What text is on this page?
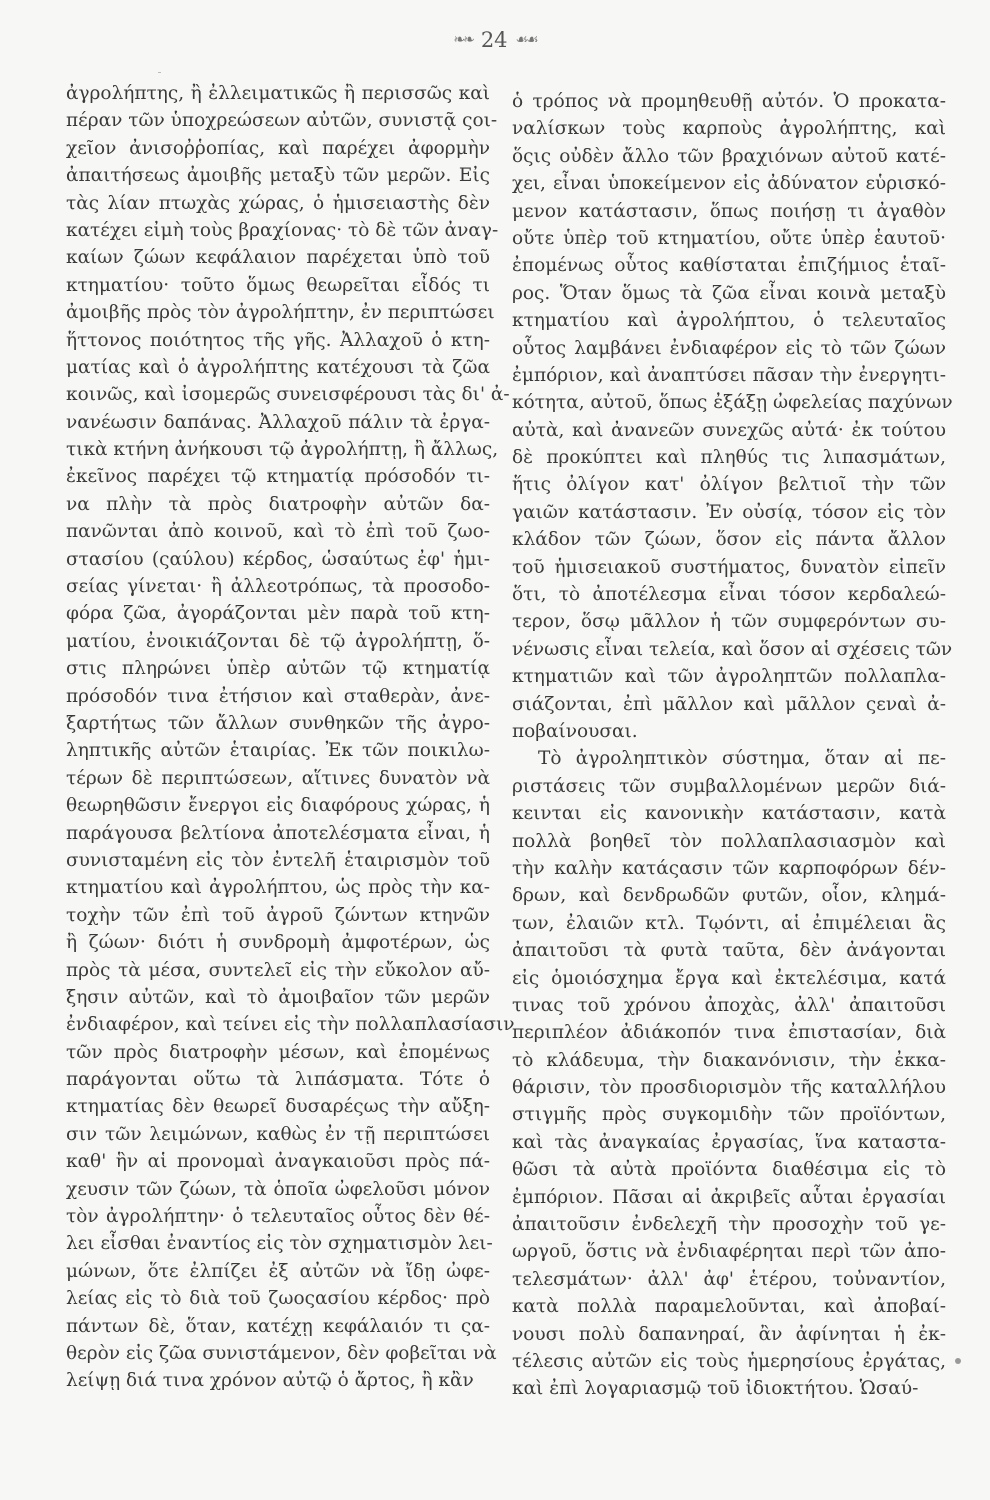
❧❧ 24 ☙☙
ἀγρολήπτης, ἢ ἐλλειματικῶς ἢ περισσῶς καὶ
πέραν τῶν ὑποχρεώσεων αὐτῶν, συνιστᾷ ςοι-
χεῖον ἀνισοῤῥοπίας, καὶ παρέχει ἀφορμὴν
ἀπαιτήσεως ἀμοιβῆς μεταξὺ τῶν μερῶν. Εἰς
τὰς λίαν πτωχὰς χώρας, ὁ ἡμισειαστὴς δὲν
κατέχει εἰμὴ τοὺς βραχίονας· τὸ δὲ τῶν ἀναγ-
καίων ζώων κεφάλαιον παρέχεται ὑπὸ τοῦ
κτηματίου· τοῦτο ὅμως θεωρεῖται εἶδός τι
ἀμοιβῆς πρὸς τὸν ἀγρολήπτην, ἐν περιπτώσει
ἥττονος ποιότητος τῆς γῆς. Ἀλλαχοῦ ὁ κτη-
ματίας καὶ ὁ ἀγρολήπτης κατέχουσι τὰ ζῶα
κοινῶς, καὶ ἰσομερῶς συνεισφέρουσι τὰς δι' ἀ-
νανέωσιν δαπάνας. Ἀλλαχοῦ πάλιν τὰ ἐργα-
τικὰ κτήνη ἀνήκουσι τῷ ἀγρολήπτῃ, ἢ ἄλλως,
ἐκεῖνος παρέχει τῷ κτηματίᾳ πρόσοδόν τι-
να πλὴν τὰ πρὸς διατροφὴν αὐτῶν δα-
πανῶνται ἀπὸ κοινοῦ, καὶ τὸ ἐπὶ τοῦ ζωο-
στασίου (ςαύλου) κέρδος, ὡσαύτως ἐφ' ἡμι-
σείας γίνεται· ἢ ἀλλεοτρόπως, τὰ προσοδο-
φόρα ζῶα, ἀγοράζονται μὲν παρὰ τοῦ κτη-
ματίου, ἐνοικιάζονται δὲ τῷ ἀγρολήπτῃ, ὅ-
στις πληρώνει ὑπὲρ αὐτῶν τῷ κτηματίᾳ
πρόσοδόν τινα ἐτήσιον καὶ σταθερὰν, ἀνε-
ξαρτήτως τῶν ἄλλων συνθηκῶν τῆς ἀγρο-
ληπτικῆς αὐτῶν ἑταιρίας. Ἐκ τῶν ποικιλω-
τέρων δὲ περιπτώσεων, αἵτινες δυνατὸν νὰ
θεωρηθῶσιν ἔνεργοι εἰς διαφόρους χώρας, ἡ
παράγουσα βελτίονα ἀποτελέσματα εἶναι, ἡ
συνισταμένη εἰς τὸν ἐντελῆ ἑταιρισμὸν τοῦ
κτηματίου καὶ ἀγρολήπτου, ὡς πρὸς τὴν κα-
τοχὴν τῶν ἐπὶ τοῦ ἀγροῦ ζώντων κτηνῶν
ἢ ζώων· διότι ἡ συνδρομὴ ἀμφοτέρων, ὡς
πρὸς τὰ μέσα, συντελεῖ εἰς τὴν εὔκολον αὔ-
ξησιν αὐτῶν, καὶ τὸ ἀμοιβαῖον τῶν μερῶν
ἐνδιαφέρον, καὶ τείνει εἰς τὴν πολλαπλασίασιν
τῶν πρὸς διατροφὴν μέσων, καὶ ἐπομένως
παράγονται οὕτω τὰ λιπάσματα. Τότε ὁ
κτηματίας δὲν θεωρεῖ δυσαρέςως τὴν αὔξη-
σιν τῶν λειμώνων, καθὼς ἐν τῇ περιπτώσει
καθ' ἣν αἱ προνομαὶ ἀναγκαιοῦσι πρὸς πά-
χευσιν τῶν ζώων, τὰ ὁποῖα ὠφελοῦσι μόνον
τὸν ἀγρολήπτην· ὁ τελευταῖος οὗτος δὲν θέ-
λει εἶσθαι ἐναντίος εἰς τὸν σχηματισμὸν λει-
μώνων, ὅτε ἐλπίζει ἐξ αὐτῶν νὰ ἴδῃ ὠφε-
λείας εἰς τὸ διὰ τοῦ ζωοςασίου κέρδος· πρὸ
πάντων δὲ, ὅταν, κατέχῃ κεφάλαιόν τι ςα-
θερὸν εἰς ζῶα συνιστάμενον, δὲν φοβεῖται νὰ
λείψῃ διά τινα χρόνον αὐτῷ ὁ ἄρτος, ἢ κἂν
ὁ τρόπος νὰ προμηθευθῇ αὐτόν. Ὁ προκατα-
ναλίσκων τοὺς καρποὺς ἀγρολήπτης, καὶ
ὅςις οὐδὲν ἄλλο τῶν βραχιόνων αὐτοῦ κατέ-
χει, εἶναι ὑποκείμενον εἰς ἀδύνατον εὑρισκό-
μενον κατάστασιν, ὅπως ποιήσῃ τι ἀγαθὸν
οὔτε ὑπὲρ τοῦ κτηματίου, οὔτε ὑπὲρ ἑαυτοῦ·
ἐπομένως οὗτος καθίσταται ἐπιζήμιος ἑταῖ-
ρος. Ὅταν ὅμως τὰ ζῶα εἶναι κοινὰ μεταξὺ
κτηματίου καὶ ἀγρολήπτου, ὁ τελευταῖος
οὗτος λαμβάνει ἐνδιαφέρον εἰς τὸ τῶν ζώων
ἐμπόριον, καὶ ἀναπτύσει πᾶσαν τὴν ἐνεργητι-
κότητα, αὐτοῦ, ὅπως ἐξάξῃ ὠφελείας παχύνων
αὐτὰ, καὶ ἀνανεῶν συνεχῶς αὐτά· ἐκ τούτου
δὲ προκύπτει καὶ πληθύς τις λιπασμάτων,
ἥτις ὀλίγον κατ' ὀλίγον βελτιοῖ τὴν τῶν
γαιῶν κατάστασιν. Ἐν οὐσίᾳ, τόσον εἰς τὸν
κλάδον τῶν ζώων, ὅσον εἰς πάντα ἄλλον
τοῦ ἡμισειακοῦ συστήματος, δυνατὸν εἰπεῖν
ὅτι, τὸ ἀποτέλεσμα εἶναι τόσον κερδαλεώ-
τερον, ὅσῳ μᾶλλον ἡ τῶν συμφερόντων συ-
νένωσις εἶναι τελεία, καὶ ὅσον αἱ σχέσεις τῶν
κτηματιῶν καὶ τῶν ἀγροληπτῶν πολλαπλα-
σιάζονται, ἐπὶ μᾶλλον καὶ μᾶλλον ςεναὶ ἀ-
ποβαίνουσαι.
Τὸ ἀγροληπτικὸν σύστημα, ὅταν αἱ πε-
ριστάσεις τῶν συμβαλλομένων μερῶν διά-
κεινται εἰς κανονικὴν κατάστασιν, κατὰ
πολλὰ βοηθεῖ τὸν πολλαπλασιασμὸν καὶ
τὴν καλὴν κατάςασιν τῶν καρποφόρων δέν-
δρων, καὶ δενδρωδῶν φυτῶν, οἷον, κλημά-
των, ἐλαιῶν κτλ. Τῳόντι, αἱ ἐπιμέλειαι ἃς
ἀπαιτοῦσι τὰ φυτὰ ταῦτα, δὲν ἀνάγονται
εἰς ὁμοιόσχημα ἔργα καὶ ἐκτελέσιμα, κατά
τινας τοῦ χρόνου ἀποχὰς, ἀλλ' ἀπαιτοῦσι
περιπλέον ἀδιάκοπόν τινα ἐπιστασίαν, διὰ
τὸ κλάδευμα, τὴν διακανόνισιν, τὴν ἐκκα-
θάρισιν, τὸν προσδιορισμὸν τῆς καταλλήλου
στιγμῆς πρὸς συγκομιδὴν τῶν προϊόντων,
καὶ τὰς ἀναγκαίας ἐργασίας, ἵνα καταστα-
θῶσι τὰ αὐτὰ προϊόντα διαθέσιμα εἰς τὸ
ἐμπόριον. Πᾶσαι αἱ ἀκριβεῖς αὗται ἐργασίαι
ἀπαιτοῦσιν ἐνδελεχῆ τὴν προσοχὴν τοῦ γε-
ωργοῦ, ὅστις νὰ ἐνδιαφέρηται περὶ τῶν ἀπο-
τελεσμάτων· ἀλλ' ἀφ' ἑτέρου, τοὐναντίον,
κατὰ πολλὰ παραμελοῦνται, καὶ ἀποβαί-
νουσι πολὺ δαπανηραί, ἂν ἀφίνηται ἡ ἐκ-
τέλεσις αὐτῶν εἰς τοὺς ἡμερησίους ἐργάτας,
καὶ ἐπὶ λογαριασμῷ τοῦ ἰδιοκτήτου. Ὡσαύ-
